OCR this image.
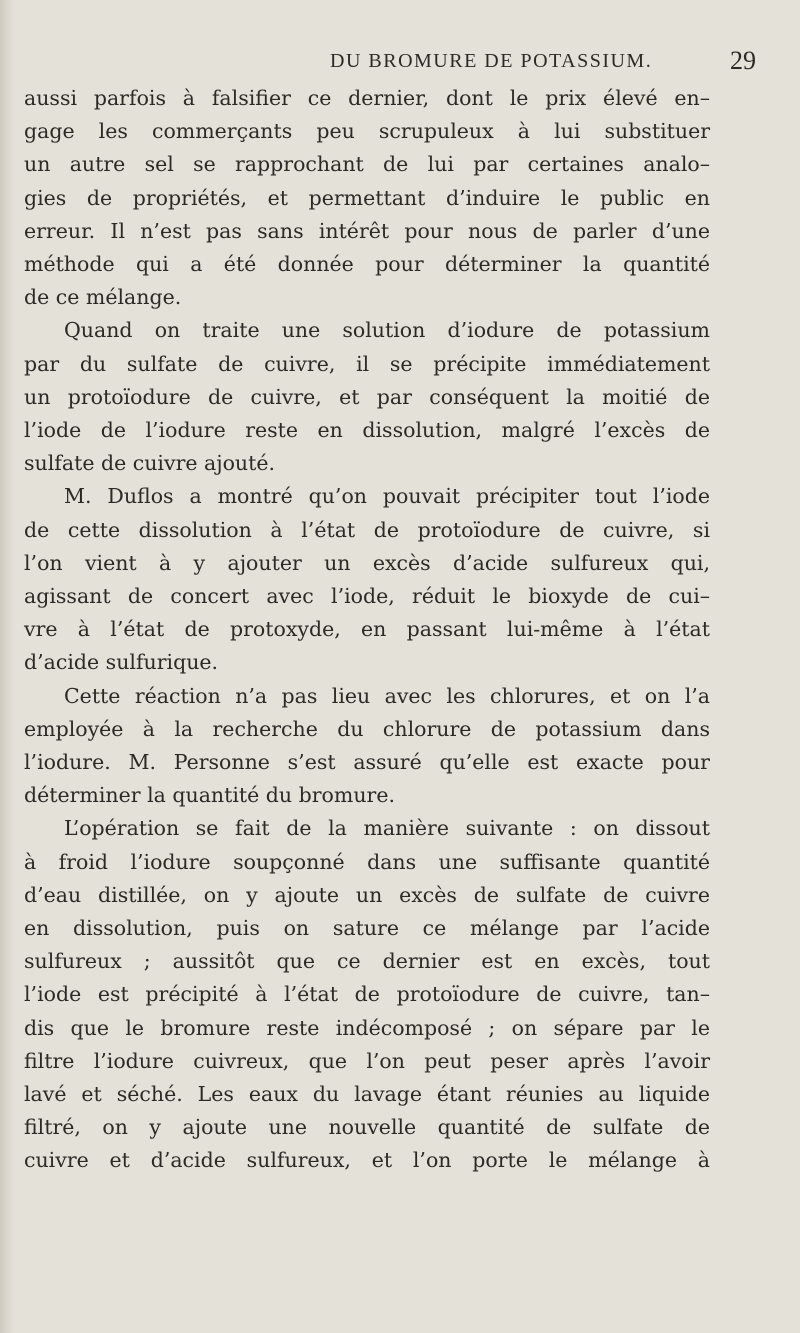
DU BROMURE DE POTASSIUM.	29
aussi parfois à falsifier ce dernier, dont le prix élevé en–
gage les commerçants peu scrupuleux à lui substituer
un autre sel se rapprochant de lui par certaines analo–
gies de propriétés, et permettant d’induire le public en
erreur. Il n’est pas sans intérêt pour nous de parler d’une
méthode qui a été donnée pour déterminer la quantité
de ce mélange.
Quand on traite une solution d’iodure de potassium
par du sulfate de cuivre, il se précipite immédiatement
un protoïodure de cuivre, et par conséquent la moitié de
l’iode de l’iodure reste en dissolution, malgré l’excès de
sulfate de cuivre ajouté.
M. Duflos a montré qu’on pouvait précipiter tout l’iode
de cette dissolution à l’état de protoïodure de cuivre, si
l’on vient à y ajouter un excès d’acide sulfureux qui,
agissant de concert avec l’iode, réduit le bioxyde de cui–
vre à l’état de protoxyde, en passant lui-même à l’état
d’acide sulfurique.
Cette réaction n’a pas lieu avec les chlorures, et on l’a
employée à la recherche du chlorure de potassium dans
l’iodure. M. Personne s’est assuré qu’elle est exacte pour
déterminer la quantité du bromure.
L’opération se fait de la manière suivante : on dissout
à froid l’iodure soupçonné dans une suffisante quantité
d’eau distillée, on y ajoute un excès de sulfate de cuivre
en dissolution, puis on sature ce mélange par l’acide
sulfureux ; aussitôt que ce dernier est en excès, tout
l’iode est précipité à l’état de protoïodure de cuivre, tan–
dis que le bromure reste indécomposé ; on sépare par le
filtre l’iodure cuivreux, que l’on peut peser après l’avoir
lavé et séché. Les eaux du lavage étant réunies au liquide
filtré, on y ajoute une nouvelle quantité de sulfate de
cuivre et d’acide sulfureux, et l’on porte le mélange à
